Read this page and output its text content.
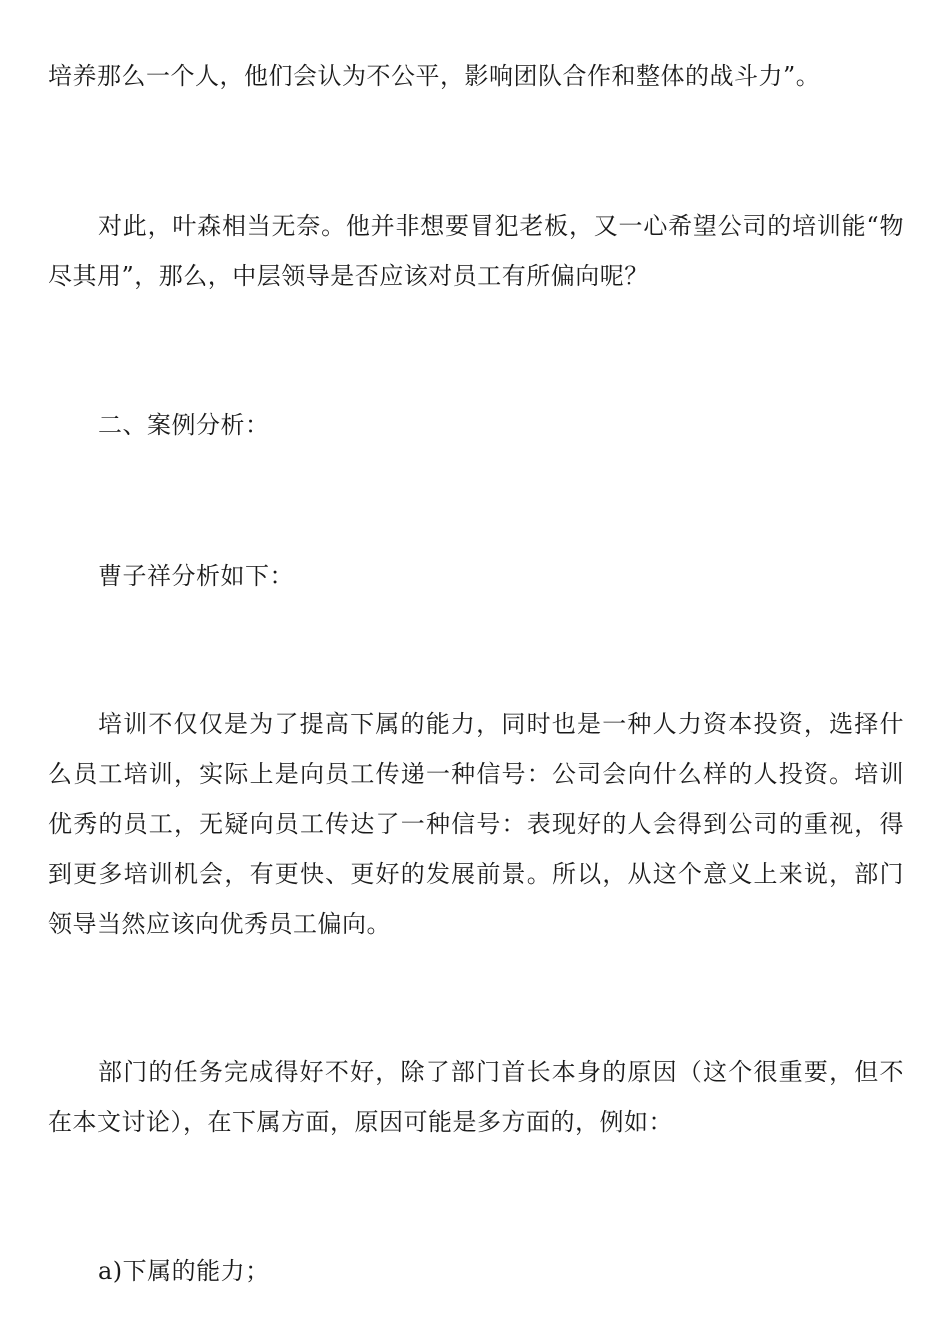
培养那么一个人，他们会认为不公平，影响团队合作和整体的战斗力”。

对此，叶森相当无奈。他并非想要冒犯老板，又一心希望公司的培训能“物尽其用”，那么，中层领导是否应该对员工有所偏向呢？

二、案例分析：

曹子祥分析如下：

培训不仅仅是为了提高下属的能力，同时也是一种人力资本投资，选择什么员工培训，实际上是向员工传递一种信号：公司会向什么样的人投资。培训优秀的员工，无疑向员工传达了一种信号：表现好的人会得到公司的重视，得到更多培训机会，有更快、更好的发展前景。所以，从这个意义上来说，部门领导当然应该向优秀员工偏向。

部门的任务完成得好不好，除了部门首长本身的原因（这个很重要，但不在本文讨论），在下属方面，原因可能是多方面的，例如：

a)下属的能力；
